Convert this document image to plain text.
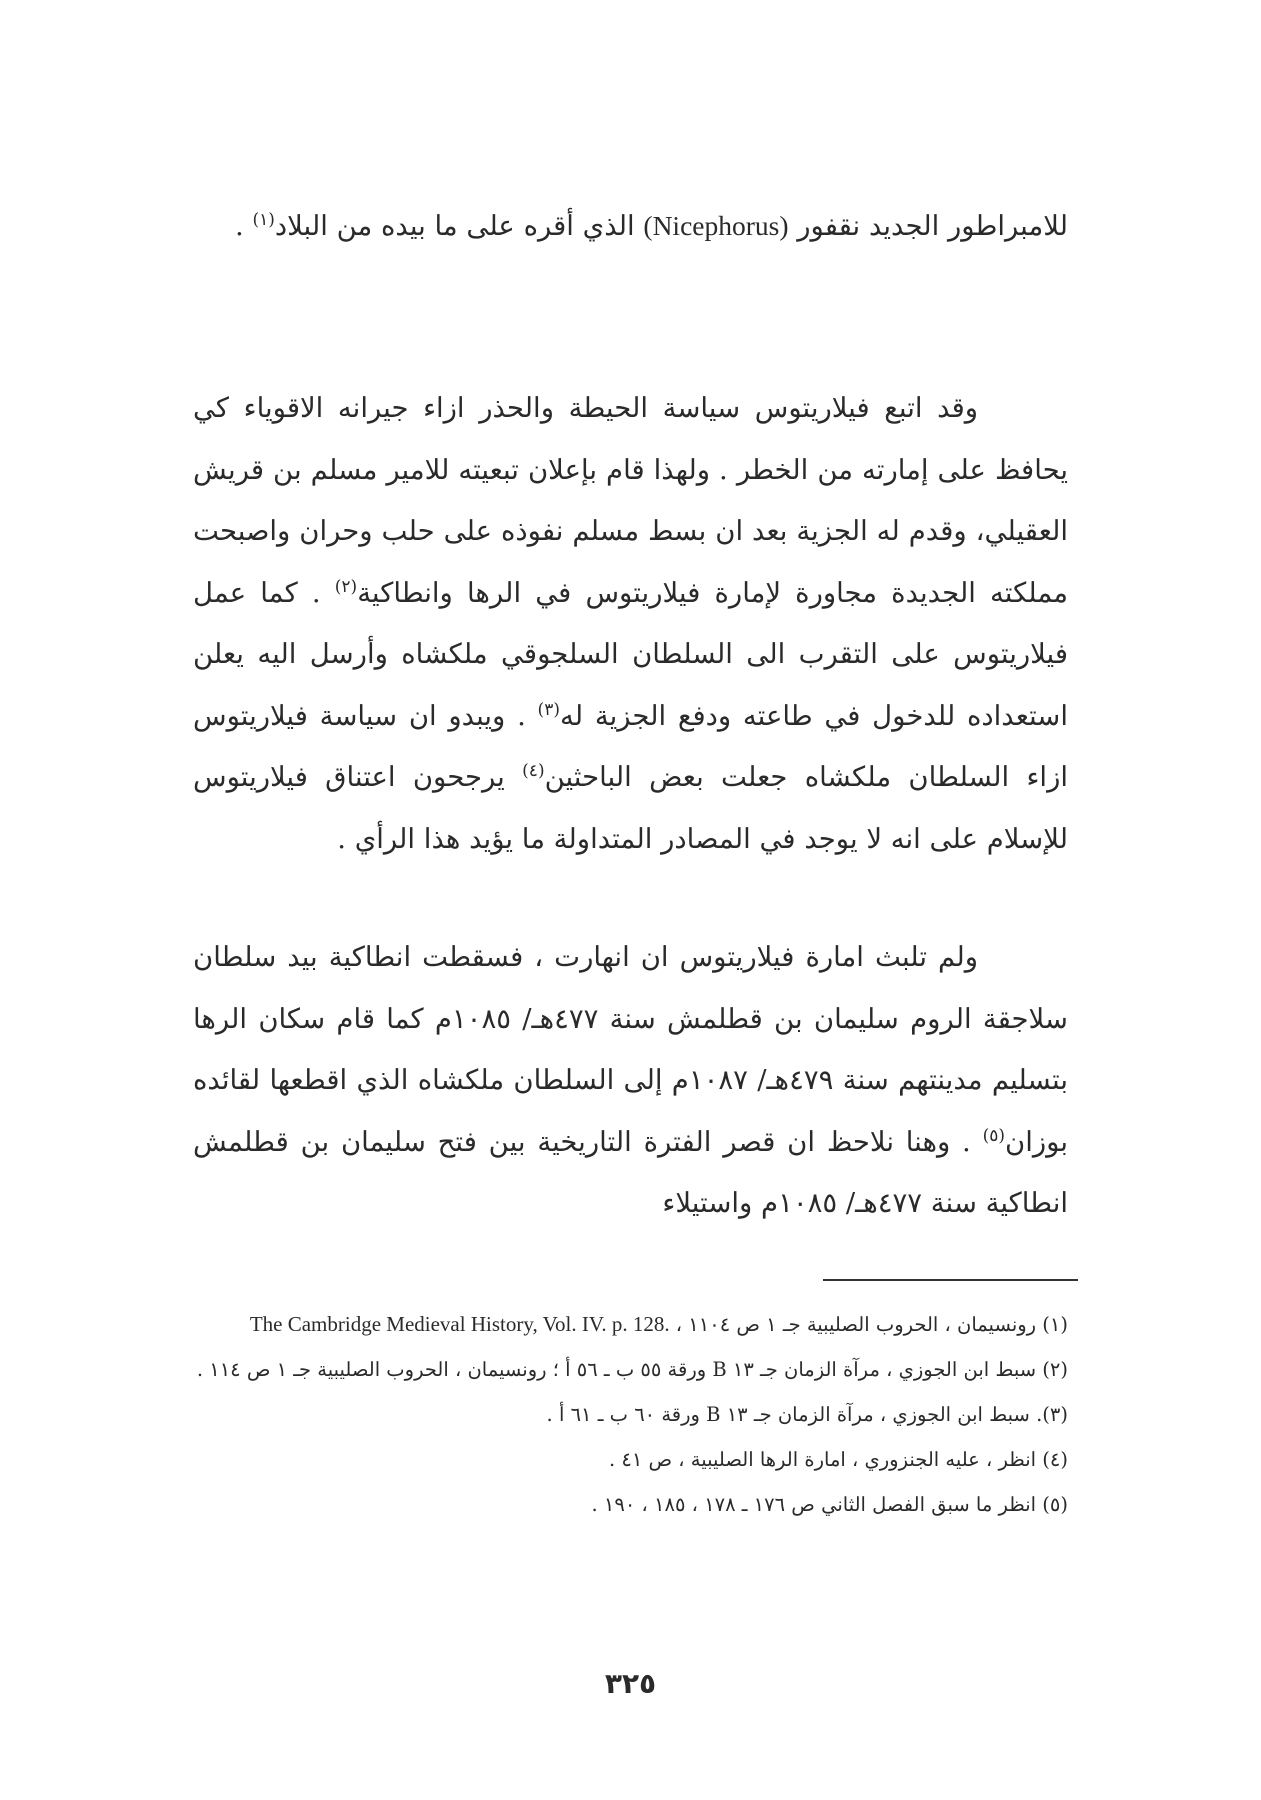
للامبراطور الجديد نقفور (Nicephorus) الذي أقره على ما بيده من البلاد$^{(١)}$ .

وقد اتبع فيلاريتوس سياسة الحيطة والحذر ازاء جيرانه الاقوياء كي يحافظ على إمارته من الخطر . ولهذا قام بإعلان تبعيته للامير مسلم بن قريش العقيلي، وقدم له الجزية بعد ان بسط مسلم نفوذه على حلب وحران واصبحت مملكته الجديدة مجاورة لإمارة فيلاريتوس في الرها وانطاكية$^{(٢)}$ . كما عمل فيلاريتوس على التقرب الى السلطان السلجوقي ملكشاه وأرسل اليه يعلن استعداده للدخول في طاعته ودفع الجزية له$^{(٣)}$ . ويبدو ان سياسة فيلاريتوس ازاء السلطان ملكشاه جعلت بعض الباحثين$^{(٤)}$ يرجحون اعتناق فيلاريتوس للإسلام على انه لا يوجد في المصادر المتداولة ما يؤيد هذا الرأي .

ولم تلبث امارة فيلاريتوس ان انهارت ، فسقطت انطاكية بيد سلطان سلاجقة الروم سليمان بن قطلمش سنة ٤٧٧هـ/ ١٠٨٥م كما قام سكان الرها بتسليم مدينتهم سنة ٤٧٩هـ/ ١٠٨٧م إلى السلطان ملكشاه الذي اقطعها لقائده بوزان$^{(٥)}$ . وهنا نلاحظ ان قصر الفترة التاريخية بين فتح سليمان بن قطلمش انطاكية سنة ٤٧٧هـ/ ١٠٨٥م واستيلاء

(١) رونسيمان ، الحروب الصليبية جـ ١ ص ١١٠٤ ، The Cambridge Medieval History, Vol. IV. p. 128.

(٢) سبط ابن الجوزي ، مرآة الزمان جـ ١٣ B ورقة ٥٥ ب ـ ٥٦ أ ؛ رونسيمان ، الحروب الصليبية جـ ١ ص ١١٤ .

(٣). سبط ابن الجوزي ، مرآة الزمان جـ ١٣ B ورقة ٦٠ ب ـ ٦١ أ .

(٤) انظر ، عليه الجنزوري ، امارة الرها الصليبية ، ص ٤١ .

(٥) انظر ما سبق الفصل الثاني ص ١٧٦ ـ ١٧٨ ، ١٨٥ ، ١٩٠ .

٣٢٥
